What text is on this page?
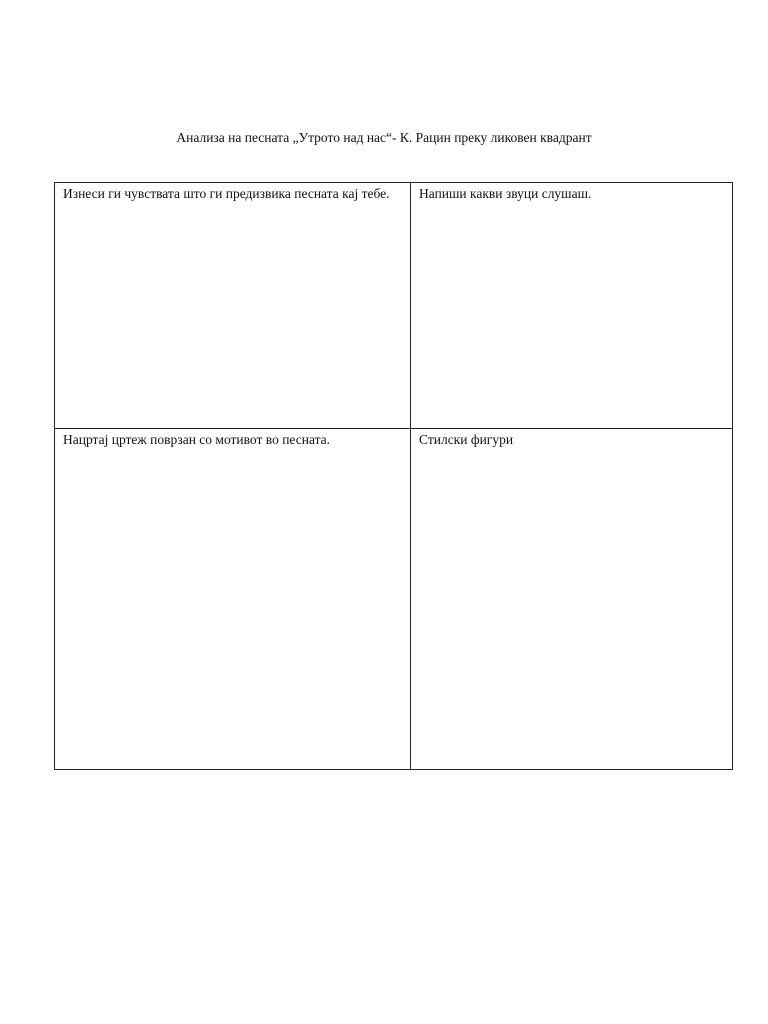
Анализа на песната „Утрото над нас“- К. Рацин преку ликовен квадрант
Изнеси ги чувствата што ги предизвика песната кај тебе.	Напиши какви звуци слушаш.
Нацртај цртеж поврзан со мотивот во песната.	Стилски фигури
